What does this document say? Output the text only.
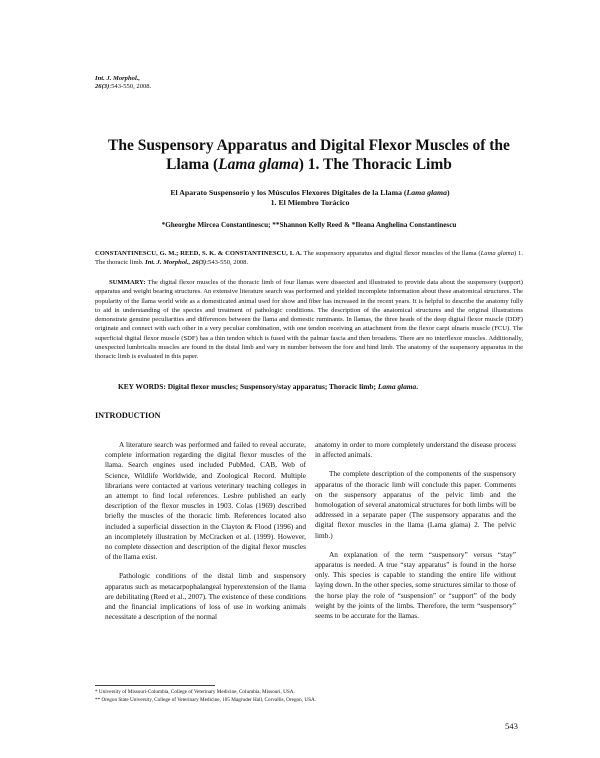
Int. J. Morphol.,
26(3):543-550, 2008.
The Suspensory Apparatus and Digital Flexor Muscles of the
Llama (Lama glama) 1. The Thoracic Limb
El Aparato Suspensorio y los Músculos Flexores Digitales de la Llama (Lama glama)
1. El Miembro Torácico
*Gheorghe Mircea Constantinescu; **Shannon Kelly Reed & *Ileana Anghelina Constantinescu
CONSTANTINESCU, G. M.; REED, S. K. & CONSTANTINESCU, I. A. The suspensory apparatus and digital flexor muscles of the llama (Lama glama) 1. The thoracic limb. Int. J. Morphol., 26(3):543-550, 2008.
SUMMARY: The digital flexor muscles of the thoracic limb of four llamas were dissected and illustrated to provide data about the suspensory (support) apparatus and weight bearing structures. An extensive literature search was performed and yielded incomplete information about these anatomical structures. The popularity of the llama world wide as a domesticated animal used for show and fiber has increased in the recent years. It is helpful to describe the anatomy fully to aid in understanding of the species and treatment of pathologic conditions. The description of the anatomical structures and the original illustrations demonstrate genuine peculiarities and differences between the llama and domestic ruminants. In llamas, the three heads of the deep digital flexor muscle (DDF) originate and connect with each other in a very peculiar combination, with one tendon receiving an attachment from the flexor carpi ulnaris muscle (FCU). The superficial digital flexor muscle (SDF) has a thin tendon which is fused with the palmar fascia and then broadens. There are no interflexor muscles. Additionally, unexpected lumbricalis muscles are found in the distal limb and vary in number between the fore and hind limb. The anatomy of the suspensory apparatus in the thoracic limb is evaluated in this paper.
KEY WORDS: Digital flexor muscles; Suspensory/stay apparatus; Thoracic limb; Lama glama.
INTRODUCTION

A literature search was performed and failed to reveal accurate, complete information regarding the digital flexor muscles of the llama. Search engines used included PubMed, CAB, Web of Science, Wildlife Worldwide, and Zoological Record. Multiple librarians were contacted at various veterinary teaching colleges in an attempt to find local references. Lesbre published an early description of the flexor muscles in 1903. Colas (1969) described briefly the muscles of the thoracic limb. References located also included a superficial dissection in the Clayton & Flood (1996) and an incompletely illustration by McCracken et al. (1999). However, no complete dissection and description of the digital flexor muscles of the llama exist.

Pathologic conditions of the distal limb and suspensory apparatus such as metacarpophalangeal hyperextension of the llama are debilitating (Reed et al., 2007). The existence of these conditions and the financial implications of loss of use in working animals necessitate a description of the normal

anatomy in order to more completely understand the disease process in affected animals.

The complete description of the components of the suspensory apparatus of the thoracic limb will conclude this paper. Comments on the suspensory apparatus of the pelvic limb and the homologation of several anatomical structures for both limbs will be addressed in a separate paper (The suspensory apparatus and the digital flexor muscles in the llama (Lama glama) 2. The pelvic limb.)

An explanation of the term “suspensory” versus “stay” apparatus is needed. A true “stay apparatus” is found in the horse only. This species is capable to standing the entire life without laying down. In the other species, some structures similar to those of the horse play the role of “suspension” or “support” of the body weight by the joints of the limbs. Therefore, the term “suspensory” seems to be accurate for the llamas.

* University of Missouri-Columbia, College of Veterinary Medicine, Columbia, Missouri, USA.
** Oregon State University, College of Veterinary Medicine, 105 Magruder Hall, Corvallis, Oregon, USA.
543
